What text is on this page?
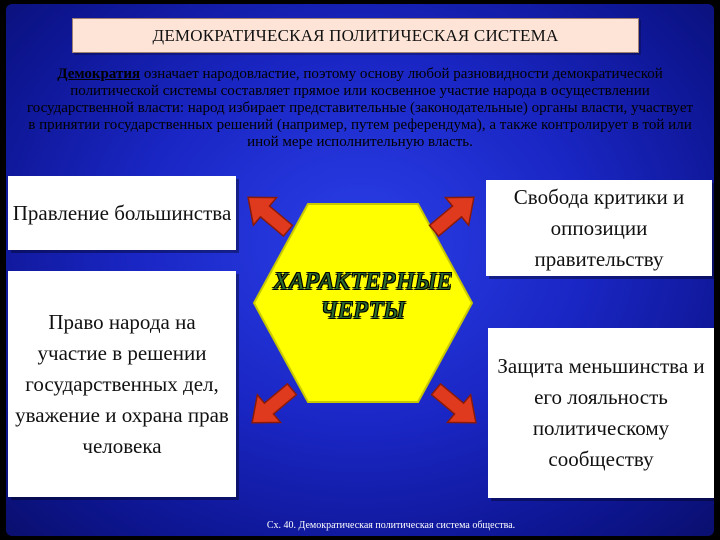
ДЕМОКРАТИЧЕСКАЯ ПОЛИТИЧЕСКАЯ СИСТЕМА
Демократия означает народовластие, поэтому основу любой разновидности демократической политической системы составляет прямое или косвенное участие народа в осуществлении государственной власти: народ избирает представительные (законодательные) органы власти, участвует в принятии государственных решений (например, путем референдума), а также контролирует в той или иной мере исполнительную власть.
Правление большинства
Право народа на участие в решении государственных дел, уважение и охрана прав человека
Свобода критики и оппозиции правительству
Защита меньшинства и его лояльность политическому сообществу
ХАРАКТЕРНЫЕ
ЧЕРТЫ
Сх. 40. Демократическая политическая система общества.
